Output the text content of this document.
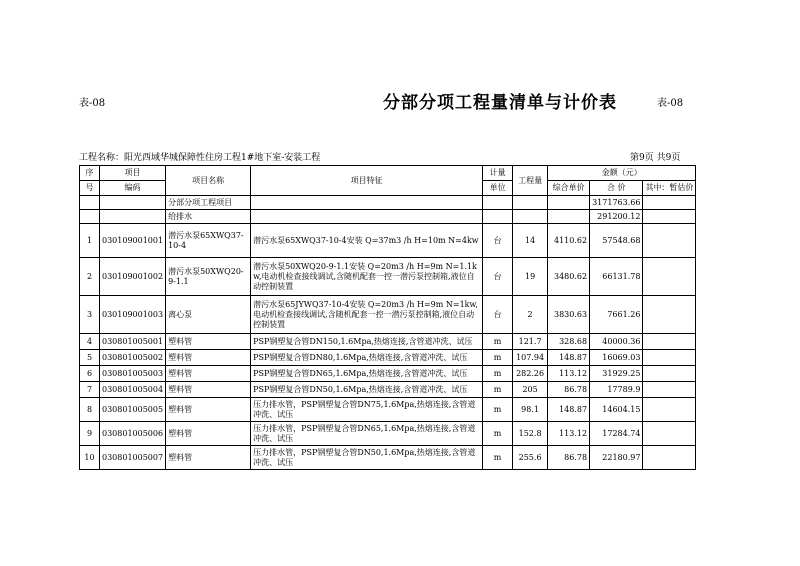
表-08	分部分项工程量清单与计价表	表-08
工程名称：阳光西域华城保障性住房工程1#地下室-安装工程	第9页 共9页
序	项目	项目名称	项目特征	计量	工程量	金额（元）		
号	编码			单位		综合单价	合 价	其中：暂估价
		分部分项工程项目					3171763.66	
		给排水					291200.12	
1	030109001001	潜污水泵65XWQ37-10-4	潜污水泵65XWQ37-10-4安装 Q=37m3 /h H=10m N=4kw	台	14	4110.62	57548.68	
2	030109001002	潜污水泵50XWQ20-9-1.1	潜污水泵50XWQ20-9-1.1安装 Q=20m3 /h H=9m N=1.1kw,电动机检查接线调试,含随机配套一控一潜污泵控制箱,液位自动控制装置	台	19	3480.62	66131.78	
3	030109001003	离心泵	潜污水泵65JYWQ37-10-4安装 Q=20m3 /h H=9m N=1kw,电动机检查接线调试,含随机配套一控一潜污泵控制箱,液位自动控制装置	台	2	3830.63	7661.26	
4	030801005001	塑料管	PSP钢塑复合管DN150,1.6Mpa,热熔连接,含管道冲洗、试压	m	121.7	328.68	40000.36	
5	030801005002	塑料管	PSP钢塑复合管DN80,1.6Mpa,热熔连接,含管道冲洗、试压	m	107.94	148.87	16069.03	
6	030801005003	塑料管	PSP钢塑复合管DN65,1.6Mpa,热熔连接,含管道冲洗、试压	m	282.26	113.12	31929.25	
7	030801005004	塑料管	PSP钢塑复合管DN50,1.6Mpa,热熔连接,含管道冲洗、试压	m	205	86.78	17789.9	
8	030801005005	塑料管	压力排水管，PSP钢塑复合管DN75,1.6Mpa,热熔连接,含管道冲洗、试压	m	98.1	148.87	14604.15	
9	030801005006	塑料管	压力排水管，PSP钢塑复合管DN65,1.6Mpa,热熔连接,含管道冲洗、试压	m	152.8	113.12	17284.74	
10	030801005007	塑料管	压力排水管，PSP钢塑复合管DN50,1.6Mpa,热熔连接,含管道冲洗、试压	m	255.6	86.78	22180.97	
